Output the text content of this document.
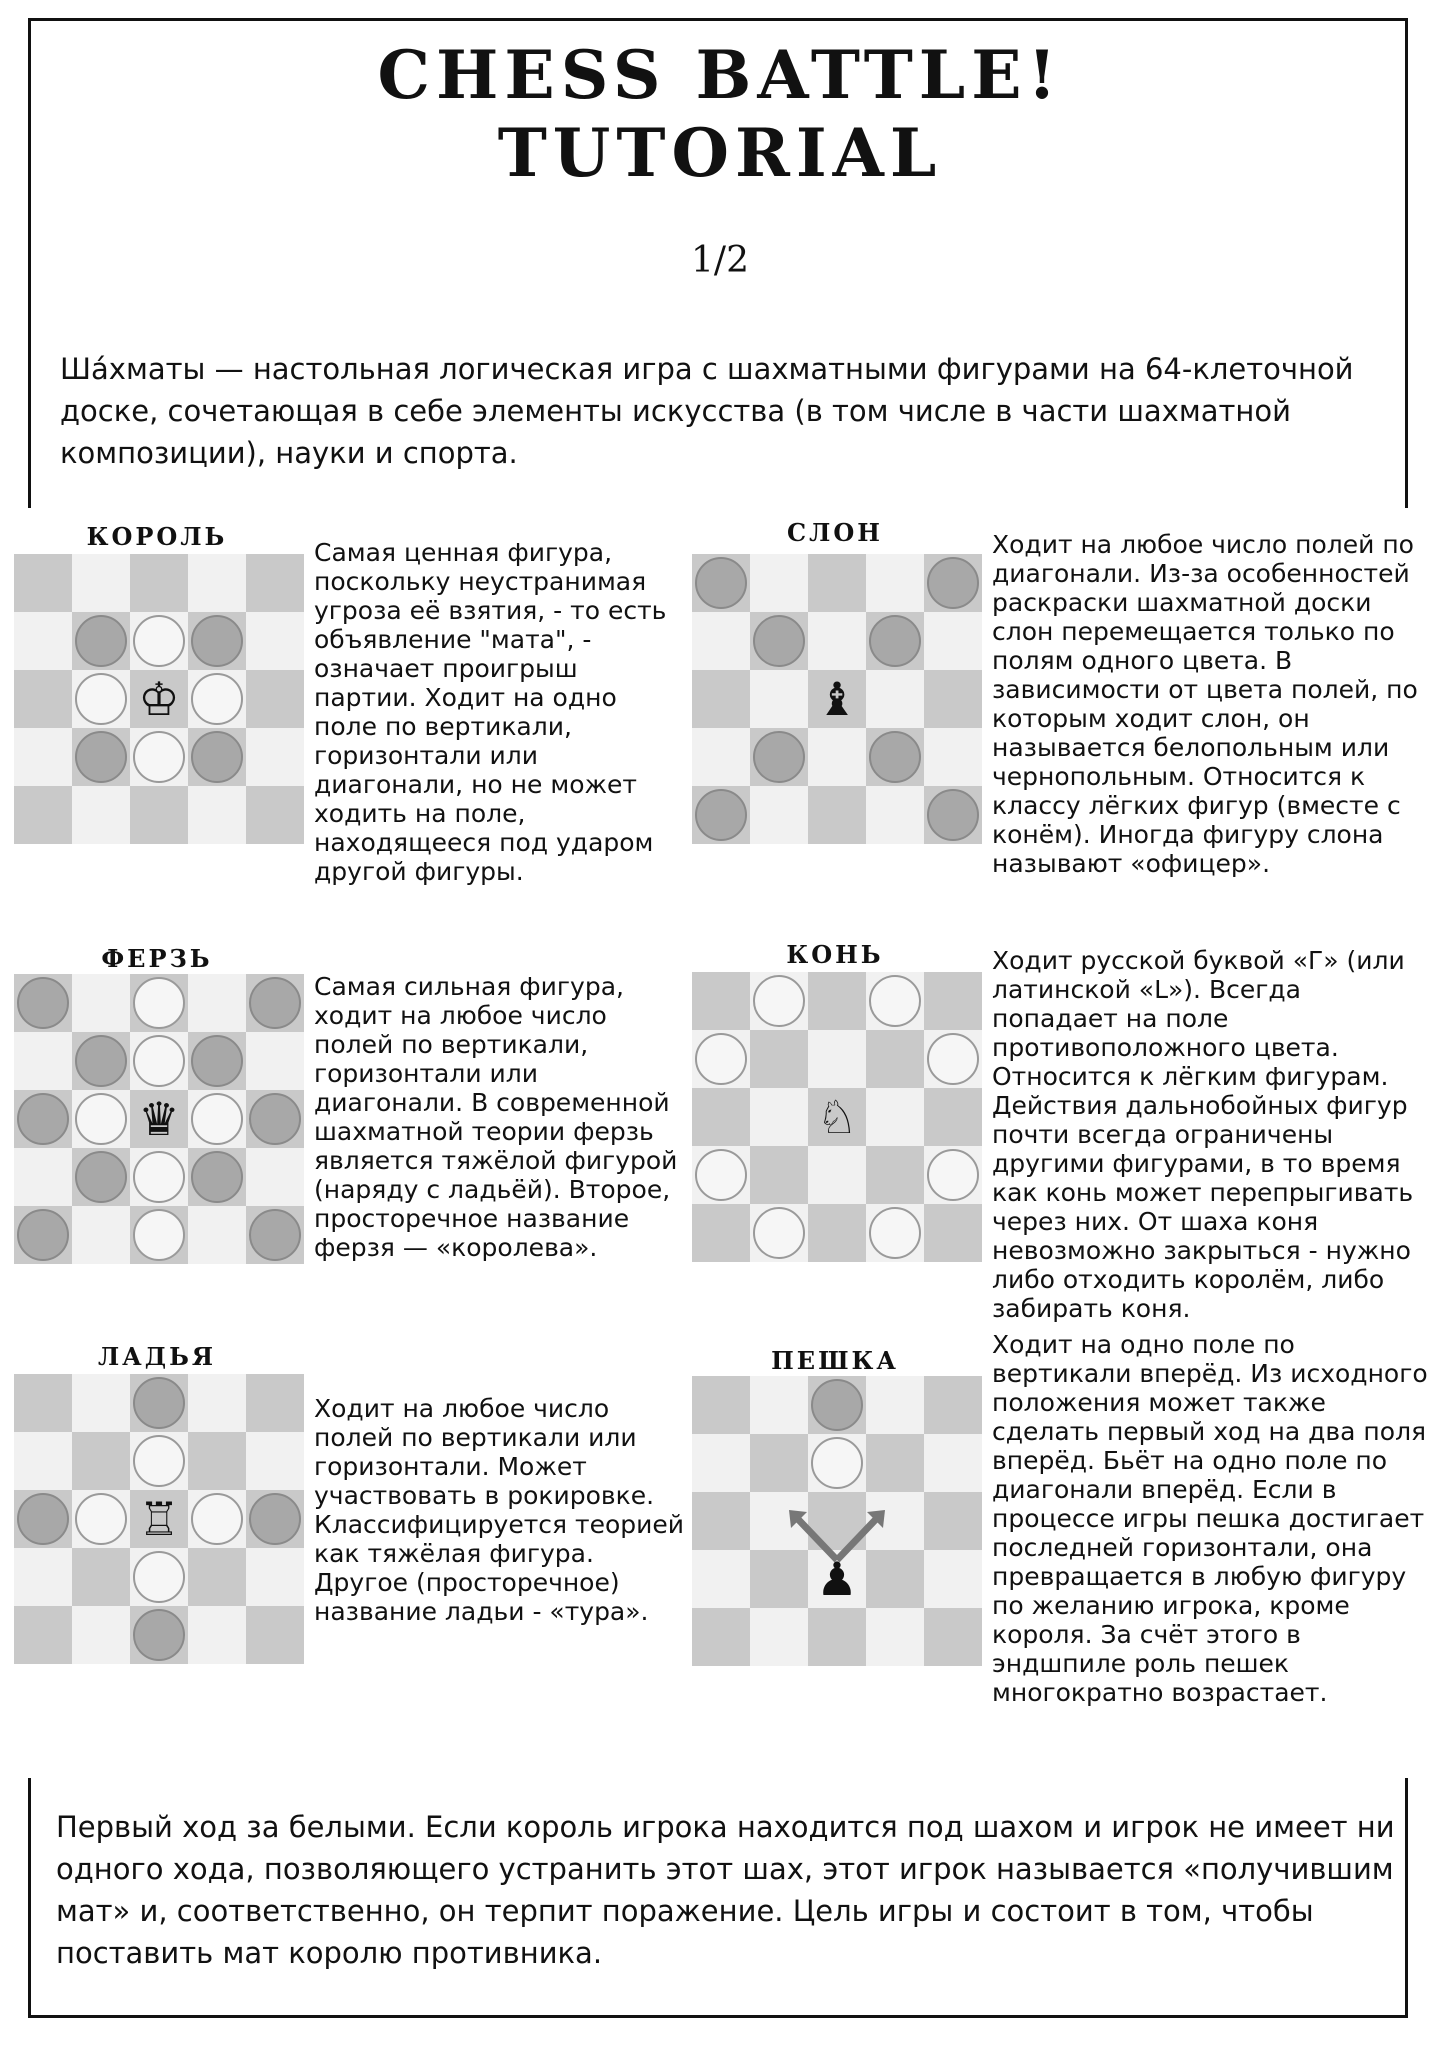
CHESS BATTLE!
TUTORIAL
1/2
Ша́хматы — настольная логическая игра с шахматными фигурами на 64-клеточной доске, сочетающая в себе элементы искусства (в том числе в части шахматной композиции), науки и спорта.
КОРОЛЬ
♔
Самая ценная фигура, поскольку неустранимая угроза её взятия, - то есть объявление "мата", - означает проигрыш партии. Ходит на одно поле по вертикали, горизонтали или диагонали, но не может ходить на поле, находящееся под ударом другой фигуры.
СЛОН
♝
Ходит на любое число полей по диагонали. Из-за особенностей раскраски шахматной доски слон перемещается только по полям одного цвета. В зависимости от цвета полей, по которым ходит слон, он называется белопольным или чернопольным. Относится к классу лёгких фигур (вместе с конём). Иногда фигуру слона называют «офицер».
ФЕРЗЬ
♛
Самая сильная фигура, ходит на любое число полей по вертикали, горизонтали или диагонали. В современной шахматной теории ферзь является тяжёлой фигурой (наряду с ладьёй). Второе, просторечное название ферзя — «королева».
КОНЬ
♘
Ходит русской буквой «Г» (или латинской «L»). Всегда попадает на поле противоположного цвета. Относится к лёгким фигурам. Действия дальнобойных фигур почти всегда ограничены другими фигурами, в то время как конь может перепрыгивать через них. От шаха коня невозможно закрыться - нужно либо отходить королём, либо забирать коня.
ЛАДЬЯ
♖
Ходит на любое число полей по вертикали или горизонтали. Может участвовать в рокировке. Классифицируется теорией как тяжёлая фигура. Другое (просторечное) название ладьи - «тура».
ПЕШКА
♟
Ходит на одно поле по вертикали вперёд. Из исходного положения может также сделать первый ход на два поля вперёд. Бьёт на одно поле по диагонали вперёд. Если в процессе игры пешка достигает последней горизонтали, она превращается в любую фигуру по желанию игрока, кроме короля. За счёт этого в эндшпиле роль пешек многократно возрастает.
Первый ход за белыми. Если король игрока находится под шахом и игрок не имеет ни одного хода, позволяющего устранить этот шах, этот игрок называется «получившим мат» и, соответственно, он терпит поражение. Цель игры и состоит в том, чтобы поставить мат королю противника.
